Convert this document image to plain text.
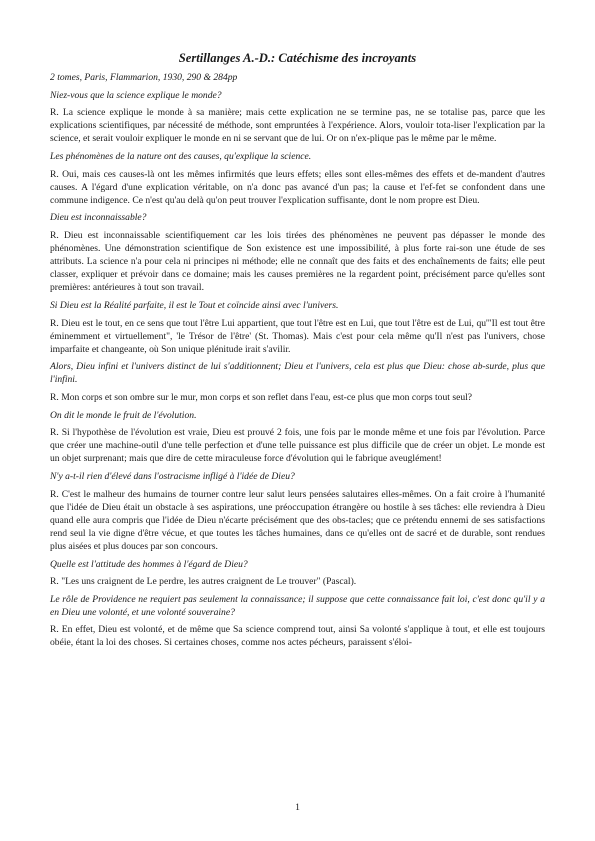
Sertillanges A.-D.: Catéchisme des incroyants

2 tomes, Paris, Flammarion, 1930, 290 & 284pp

Niez-vous que la science explique le monde?

R. La science explique le monde à sa manière; mais cette explication ne se termine pas, ne se totalise pas, parce que les explications scientifiques, par nécessité de méthode, sont empruntées à l'expérience. Alors, vouloir tota-liser l'explication par la science, et serait vouloir expliquer le monde en ni se servant que de lui. Or on n'ex-plique pas le même par le même.

Les phénomènes de la nature ont des causes, qu'explique la science.

R. Oui, mais ces causes-là ont les mêmes infirmités que leurs effets; elles sont elles-mêmes des effets et de-mandent d'autres causes. A l'égard d'une explication véritable, on n'a donc pas avancé d'un pas; la cause et l'ef-fet se confondent dans une commune indigence. Ce n'est qu'au delà qu'on peut trouver l'explication suffisante, dont le nom propre est Dieu.

Dieu est inconnaissable?

R. Dieu est inconnaissable scientifiquement car les lois tirées des phénomènes ne peuvent pas dépasser le monde des phénomènes. Une démonstration scientifique de Son existence est une impossibilité, à plus forte rai-son une étude de ses attributs. La science n'a pour cela ni principes ni méthode; elle ne connaît que des faits et des enchaînements de faits; elle peut classer, expliquer et prévoir dans ce domaine; mais les causes premières ne la regardent point, précisément parce qu'elles sont premières: antérieures à tout son travail.

Si Dieu est la Réalité parfaite, il est le Tout et coïncide ainsi avec l'univers.

R. Dieu est le tout, en ce sens que tout l'être Lui appartient, que tout l'être est en Lui, que tout l'être est de Lui, qu'"Il est tout être éminemment et virtuellement", 'le Trésor de l'être' (St. Thomas). Mais c'est pour cela même qu'Il n'est pas l'univers, chose imparfaite et changeante, où Son unique plénitude irait s'avilir.

Alors, Dieu infini et l'univers distinct de lui s'additionnent; Dieu et l'univers, cela est plus que Dieu: chose ab-surde, plus que l'infini.

R. Mon corps et son ombre sur le mur, mon corps et son reflet dans l'eau, est-ce plus que mon corps tout seul?

On dit le monde le fruit de l'évolution.

R. Si l'hypothèse de l'évolution est vraie, Dieu est prouvé 2 fois, une fois par le monde même et une fois par l'évolution. Parce que créer une machine-outil d'une telle perfection et d'une telle puissance est plus difficile que de créer un objet. Le monde est un objet surprenant; mais que dire de cette miraculeuse force d'évolution qui le fabrique aveuglément!

N'y a-t-il rien d'élevé dans l'ostracisme infligé à l'idée de Dieu?

R. C'est le malheur des humains de tourner contre leur salut leurs pensées salutaires elles-mêmes. On a fait croire à l'humanité que l'idée de Dieu était un obstacle à ses aspirations, une préoccupation étrangère ou hostile à ses tâches: elle reviendra à Dieu quand elle aura compris que l'idée de Dieu n'écarte précisément que des obs-tacles; que ce prétendu ennemi de ses satisfactions rend seul la vie digne d'être vécue, et que toutes les tâches humaines, dans ce qu'elles ont de sacré et de durable, sont rendues plus aisées et plus douces par son concours.

Quelle est l'attitude des hommes à l'égard de Dieu?

R. "Les uns craignent de Le perdre, les autres craignent de Le trouver" (Pascal).

Le rôle de Providence ne requiert pas seulement la connaissance; il suppose que cette connaissance fait loi, c'est donc qu'il y a en Dieu une volonté, et une volonté souveraine?

R. En effet, Dieu est volonté, et de même que Sa science comprend tout, ainsi Sa volonté s'applique à tout, et elle est toujours obéie, étant la loi des choses. Si certaines choses, comme nos actes pécheurs, paraissent s'éloi-

1
